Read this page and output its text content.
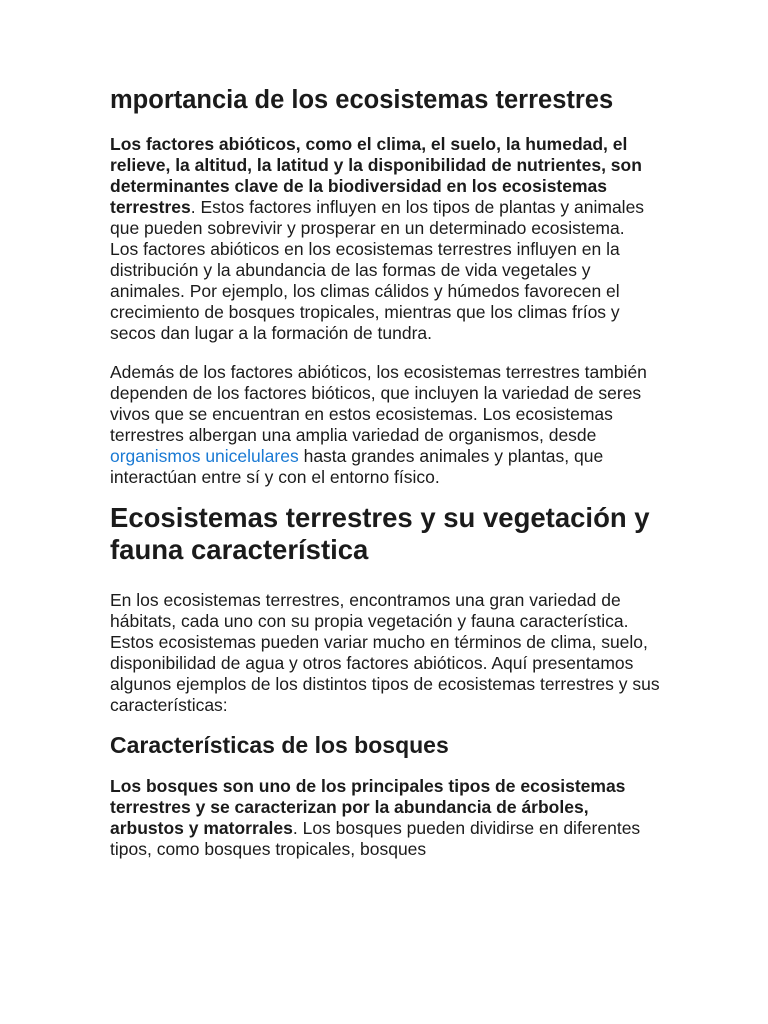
mportancia de los ecosistemas terrestres

Los factores abióticos, como el clima, el suelo, la humedad, el relieve, la altitud, la latitud y la disponibilidad de nutrientes, son determinantes clave de la biodiversidad en los ecosistemas terrestres. Estos factores influyen en los tipos de plantas y animales que pueden sobrevivir y prosperar en un determinado ecosistema.

Los factores abióticos en los ecosistemas terrestres influyen en la distribución y la abundancia de las formas de vida vegetales y animales. Por ejemplo, los climas cálidos y húmedos favorecen el crecimiento de bosques tropicales, mientras que los climas fríos y secos dan lugar a la formación de tundra.

Además de los factores abióticos, los ecosistemas terrestres también dependen de los factores bióticos, que incluyen la variedad de seres vivos que se encuentran en estos ecosistemas. Los ecosistemas terrestres albergan una amplia variedad de organismos, desde organismos unicelulares hasta grandes animales y plantas, que interactúan entre sí y con el entorno físico.

Ecosistemas terrestres y su vegetación y fauna característica

En los ecosistemas terrestres, encontramos una gran variedad de hábitats, cada uno con su propia vegetación y fauna característica. Estos ecosistemas pueden variar mucho en términos de clima, suelo, disponibilidad de agua y otros factores abióticos. Aquí presentamos algunos ejemplos de los distintos tipos de ecosistemas terrestres y sus características:

Características de los bosques

Los bosques son uno de los principales tipos de ecosistemas terrestres y se caracterizan por la abundancia de árboles, arbustos y matorrales. Los bosques pueden dividirse en diferentes tipos, como bosques tropicales, bosques
